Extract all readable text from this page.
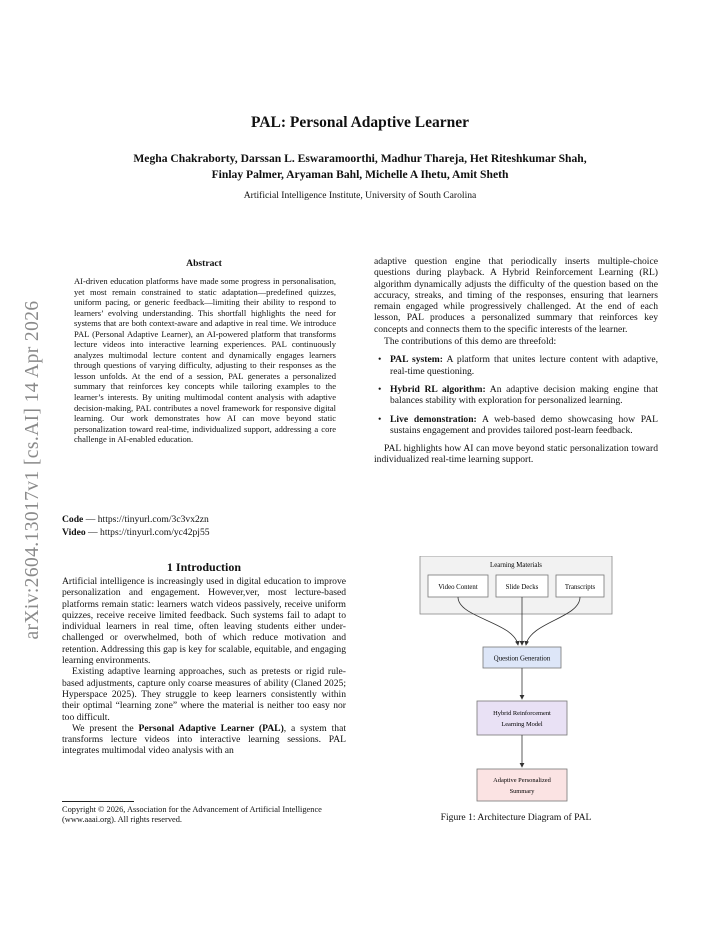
arXiv:2604.13017v1 [cs.AI] 14 Apr 2026
PAL: Personal Adaptive Learner
Megha Chakraborty, Darssan L. Eswaramoorthi, Madhur Thareja, Het Riteshkumar Shah,
Finlay Palmer, Aryaman Bahl, Michelle A Ihetu, Amit Sheth
Artificial Intelligence Institute, University of South Carolina
Abstract
AI-driven education platforms have made some progress in personalisation, yet most remain constrained to static adaptation—predefined quizzes, uniform pacing, or generic feedback—limiting their ability to respond to learners’ evolving understanding. This shortfall highlights the need for systems that are both context-aware and adaptive in real time. We introduce PAL (Personal Adaptive Learner), an AI-powered platform that transforms lecture videos into interactive learning experiences. PAL continuously analyzes multimodal lecture content and dynamically engages learners through questions of varying difficulty, adjusting to their responses as the lesson unfolds. At the end of a session, PAL generates a personalized summary that reinforces key concepts while tailoring examples to the learner’s interests. By uniting multimodal content analysis with adaptive decision-making, PAL contributes a novel framework for responsive digital learning. Our work demonstrates how AI can move beyond static personalization toward real-time, individualized support, addressing a core challenge in AI-enabled education.
Code — https://tinyurl.com/3c3vx2zn
Video — https://tinyurl.com/yc42pj55
1 Introduction

Artificial intelligence is increasingly used in digital education to improve personalization and engagement. However,ver, most lecture-based platforms remain static: learners watch videos passively, receive uniform quizzes, receive receive limited feedback. Such systems fail to adapt to individual learners in real time, often leaving students either under-challenged or overwhelmed, both of which reduce motivation and retention. Addressing this gap is key for scalable, equitable, and engaging learning environments.

Existing adaptive learning approaches, such as pretests or rigid rule-based adjustments, capture only coarse measures of ability (Claned 2025; Hyperspace 2025). They struggle to keep learners consistently within their optimal “learning zone” where the material is neither too easy nor too difficult.

We present the Personal Adaptive Learner (PAL), a system that transforms lecture videos into interactive learning sessions. PAL integrates multimodal video analysis with an

Copyright © 2026, Association for the Advancement of Artificial Intelligence (www.aaai.org). All rights reserved.

adaptive question engine that periodically inserts multiple-choice questions during playback. A Hybrid Reinforcement Learning (RL) algorithm dynamically adjusts the difficulty of the question based on the accuracy, streaks, and timing of the responses, ensuring that learners remain engaged while progressively challenged. At the end of each lesson, PAL produces a personalized summary that reinforces key concepts and connects them to the specific interests of the learner.

The contributions of this demo are threefold:

• PAL system: A platform that unites lecture content with adaptive, real-time questioning.
• Hybrid RL algorithm: An adaptive decision making engine that balances stability with exploration for personalized learning.
• Live demonstration: A web-based demo showcasing how PAL sustains engagement and provides tailored post-learn feedback.

PAL highlights how AI can move beyond static personalization toward individualized real-time learning support.

Learning Materials
Video Content	Slide Decks	Transcripts
Question Generation
Hybrid Reinforcement
Learning Model
Adaptive Personalized
Summary
Figure 1: Architecture Diagram of PAL
